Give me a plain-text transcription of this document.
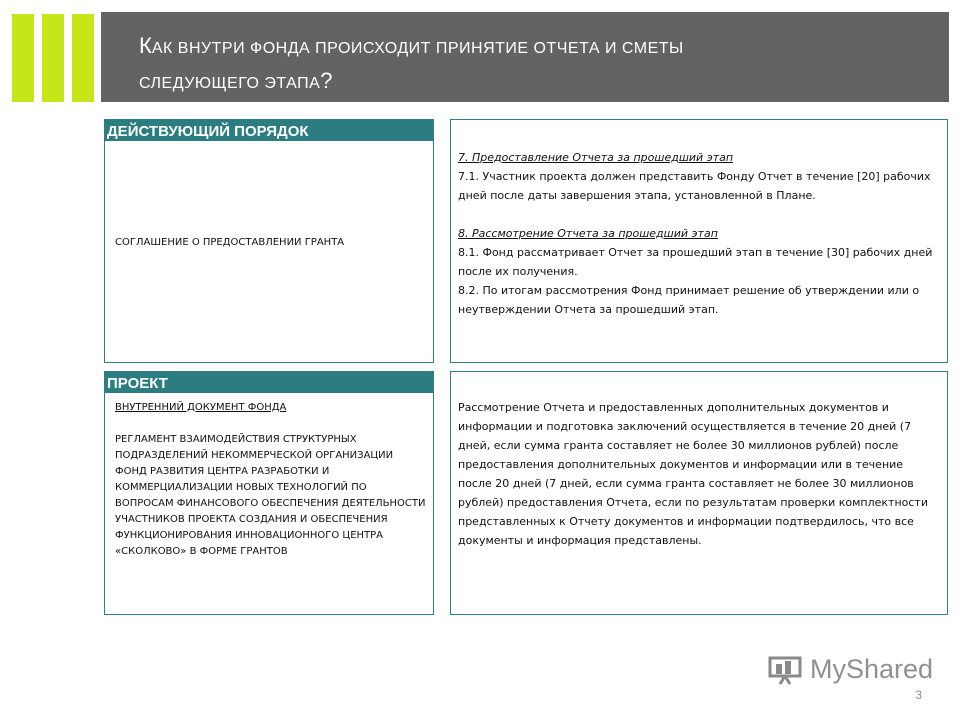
КАК ВНУТРИ ФОНДА ПРОИСХОДИТ ПРИНЯТИЕ ОТЧЕТА И СМЕТЫ
СЛЕДУЮЩЕГО ЭТАПА?
ДЕЙСТВУЮЩИЙ ПОРЯДОК
СОГЛАШЕНИЕ О ПРЕДОСТАВЛЕНИИ ГРАНТА

7. Предоставление Отчета за прошедший этап

7.1. Участник проекта должен представить Фонду Отчет в течение [20] рабочих дней после даты завершения этапа, установленной в Плане.

8. Рассмотрение Отчета за прошедший этап

8.1. Фонд рассматривает Отчет за прошедший этап в течение [30] рабочих дней после их получения.

8.2. По итогам рассмотрения Фонд принимает решение об утверждении или о неутверждении Отчета за прошедший этап.

ПРОЕКТ
ВНУТРЕННИЙ ДОКУМЕНТ ФОНДА
РЕГЛАМЕНТ ВЗАИМОДЕЙСТВИЯ СТРУКТУРНЫХ ПОДРАЗДЕЛЕНИЙ НЕКОММЕРЧЕСКОЙ ОРГАНИЗАЦИИ ФОНД РАЗВИТИЯ ЦЕНТРА РАЗРАБОТКИ И КОММЕРЦИАЛИЗАЦИИ НОВЫХ ТЕХНОЛОГИЙ ПО ВОПРОСАМ ФИНАНСОВОГО ОБЕСПЕЧЕНИЯ ДЕЯТЕЛЬНОСТИ УЧАСТНИКОВ ПРОЕКТА СОЗДАНИЯ И ОБЕСПЕЧЕНИЯ ФУНКЦИОНИРОВАНИЯ ИННОВАЦИОННОГО ЦЕНТРА «СКОЛКОВО» В ФОРМЕ ГРАНТОВ
Рассмотрение Отчета и предоставленных дополнительных документов и информации и подготовка заключений осуществляется в течение 20 дней (7 дней, если сумма гранта составляет не более 30 миллионов рублей) после предоставления дополнительных документов и информации или в течение после 20 дней (7 дней, если сумма гранта составляет не более 30 миллионов рублей) предоставления Отчета, если по результатам проверки комплектности представленных к Отчету документов и информации подтвердилось, что все документы и информация представлены.
MyShared
3
